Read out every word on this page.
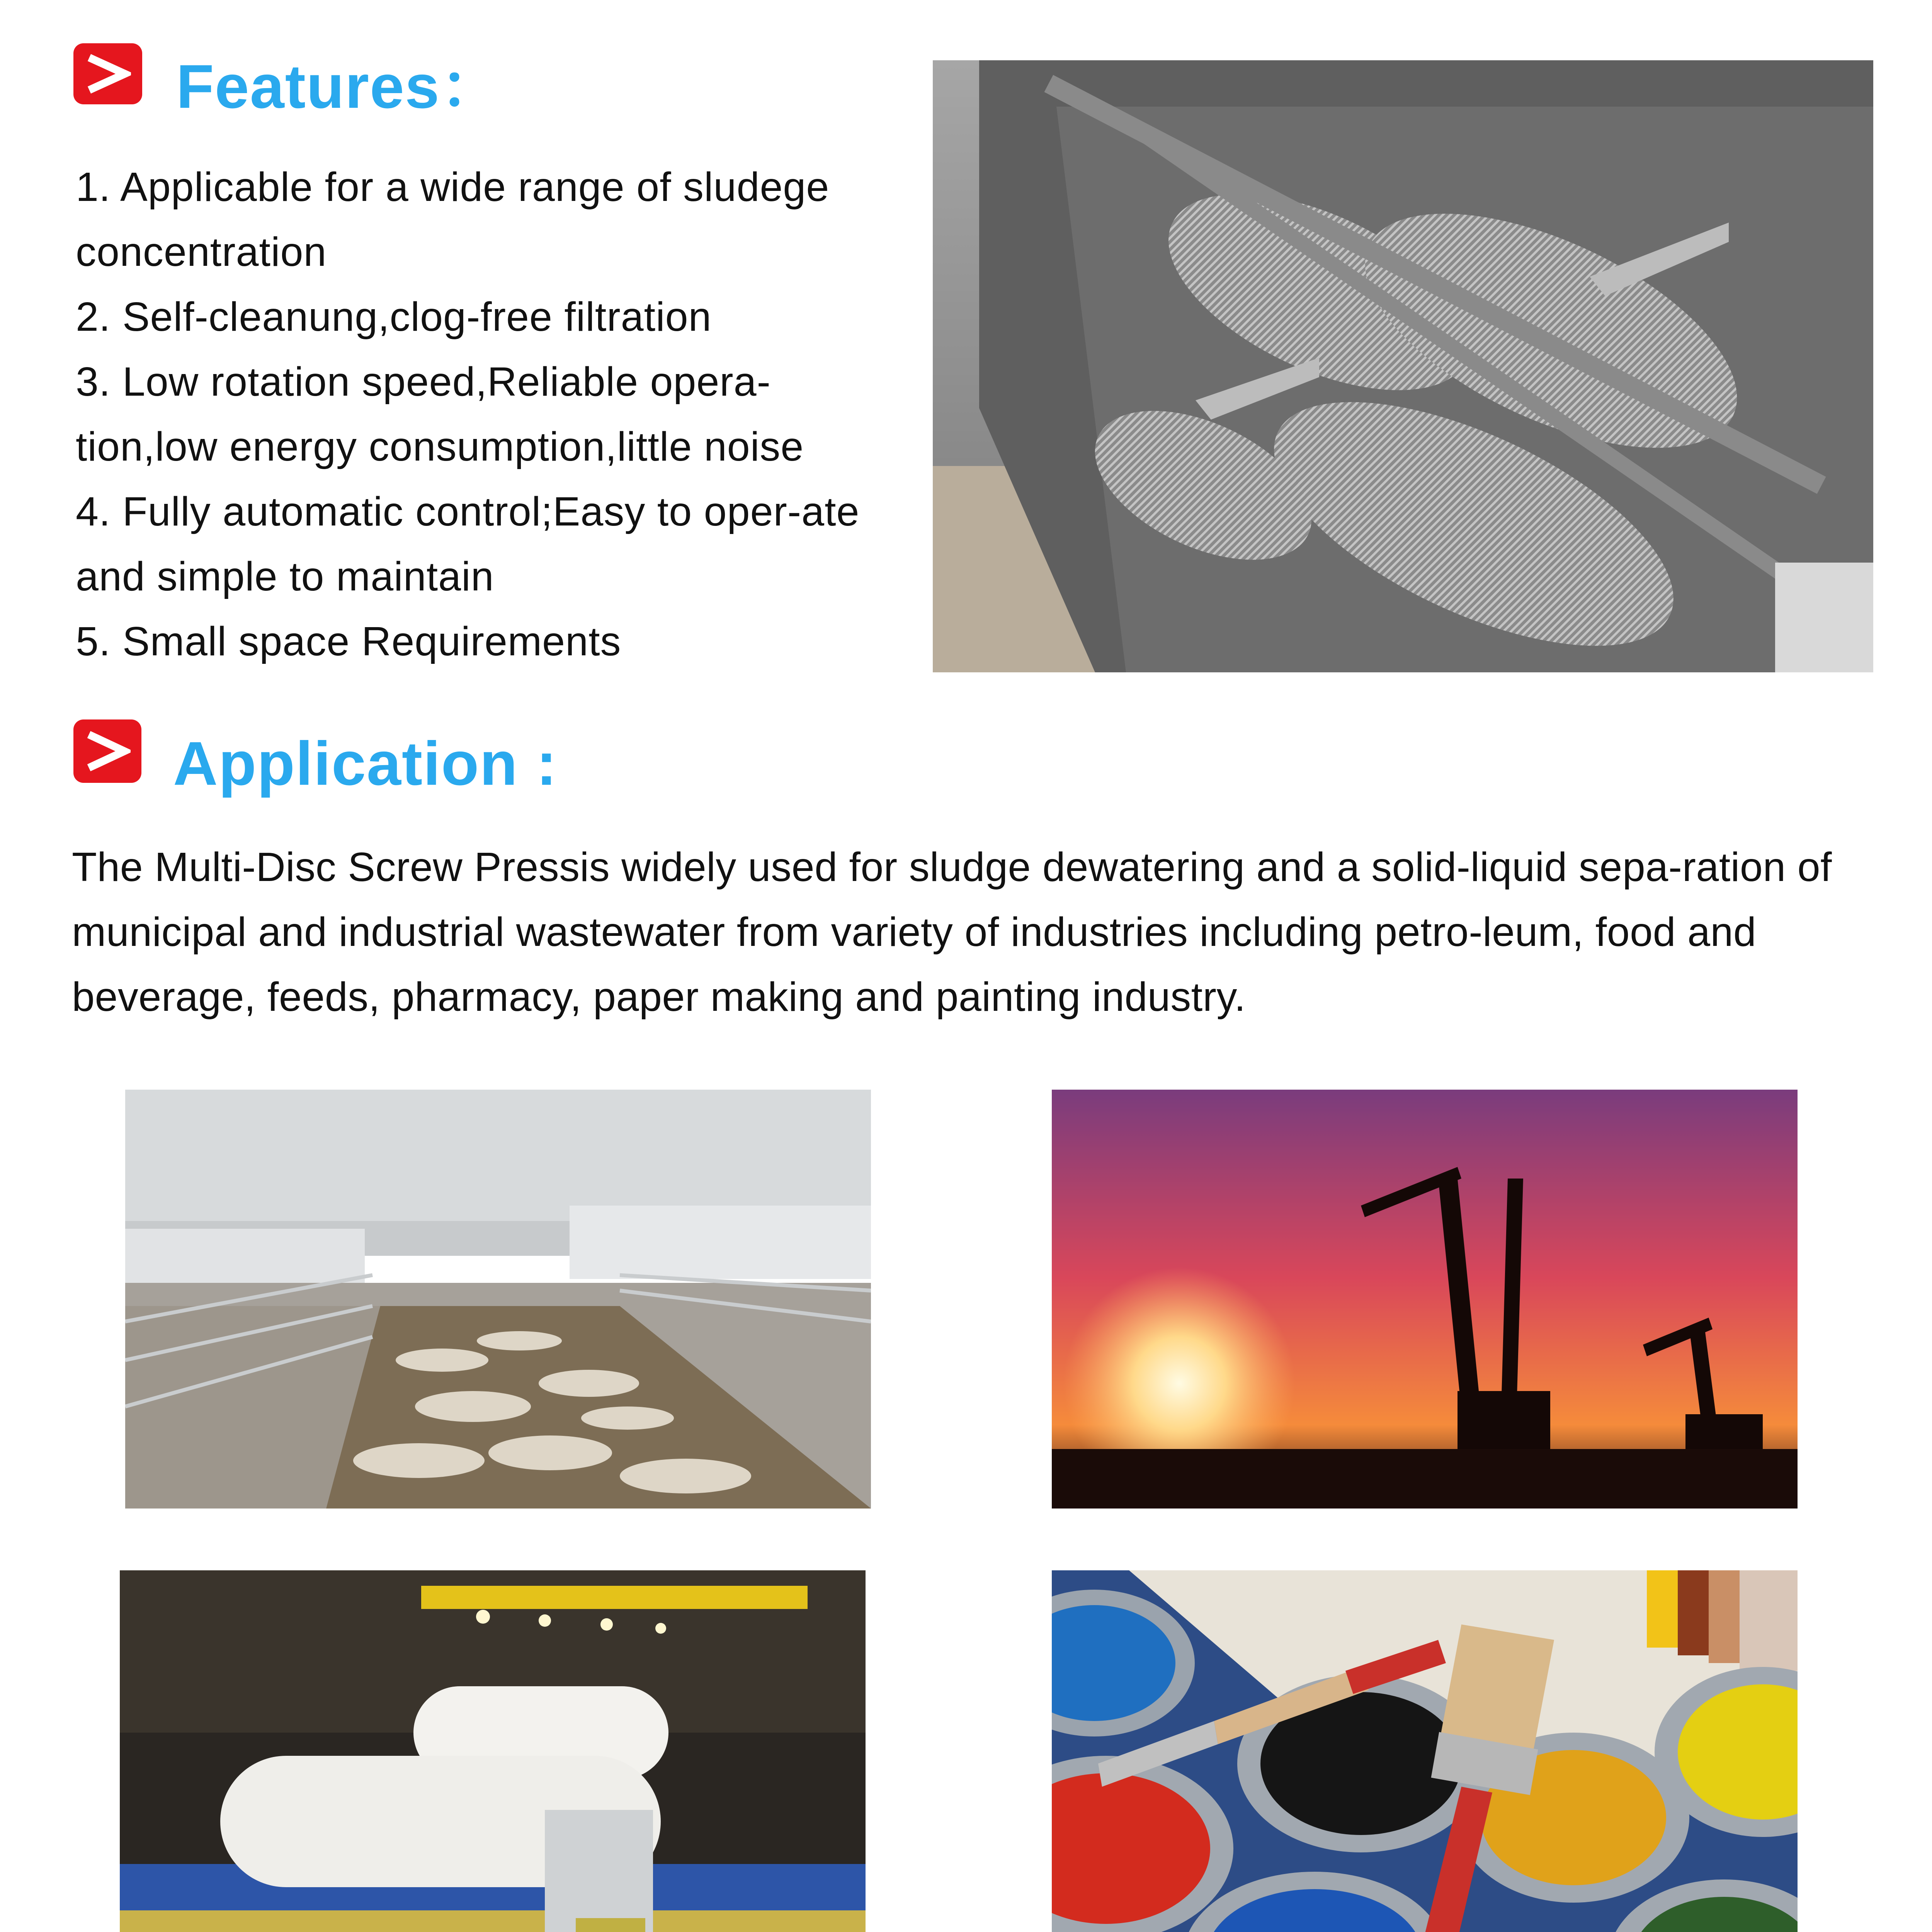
Features：
1. Applicable for a wide range of sludege concentration
2. Self-cleanung,clog-free filtration
3. Low rotation speed,Reliable opera-tion,low energy consumption,little noise
4. Fully automatic control;Easy to oper-ate and simple to maintain
5. Small space Requirements
Application :
The Multi-Disc Screw Pressis widely used for sludge dewatering and a solid-liquid sepa-ration of municipal and industrial wastewater from variety of industries including petro-leum, food and beverage, feeds, pharmacy, paper making and painting industry.
